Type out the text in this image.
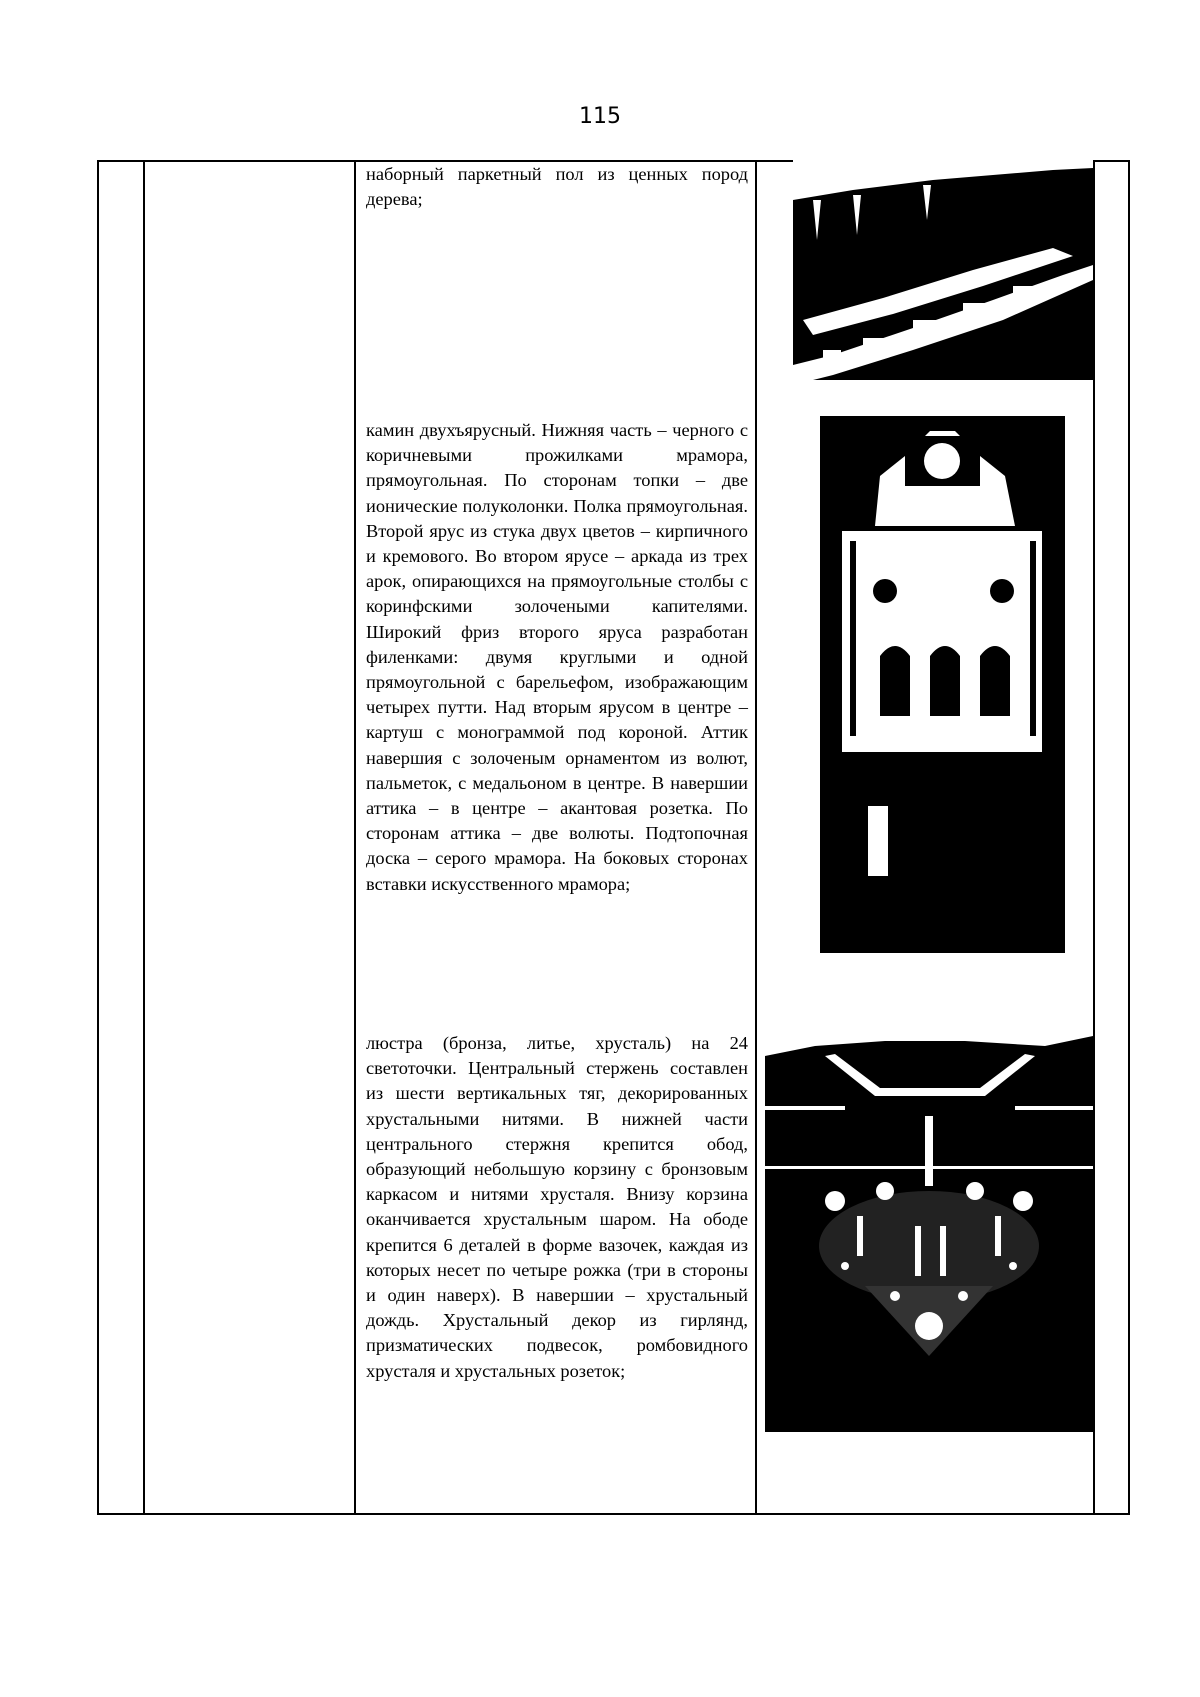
115

наборный паркетный пол из ценных пород дерева;

камин двухъярусный. Нижняя часть – черного с коричневыми прожилками мрамора, прямоугольная. По сторонам топки – две ионические полуколонки. Полка прямоугольная. Второй ярус из стука двух цветов – кирпичного и кремового. Во втором ярусе – аркада из трех арок, опирающихся на прямоугольные столбы с коринфскими золочеными капителями. Широкий фриз второго яруса разработан филенками: двумя круглыми и одной прямоугольной с барельефом, изображающим четырех путти. Над вторым ярусом в центре – картуш с монограммой под короной. Аттик навершия с золоченым орнаментом из волют, пальметок, с медальоном в центре. В навершии аттика – в центре – акантовая розетка. По сторонам аттика – две волюты. Подтопочная доска – серого мрамора. На боковых сторонах вставки искусственного мрамора;

люстра (бронза, литье, хрусталь) на 24 светоточки. Центральный стержень составлен из шести вертикальных тяг, декорированных хрустальными нитями. В нижней части центрального стержня крепится обод, образующий небольшую корзину с бронзовым каркасом и нитями хрусталя. Внизу корзина оканчивается хрустальным шаром. На ободе крепится 6 деталей в форме вазочек, каждая из которых несет по четыре рожка (три в стороны и один наверх). В навершии – хрустальный дождь. Хрустальный декор из гирлянд, призматических подвесок, ромбовидного хрусталя и хрустальных розеток;
